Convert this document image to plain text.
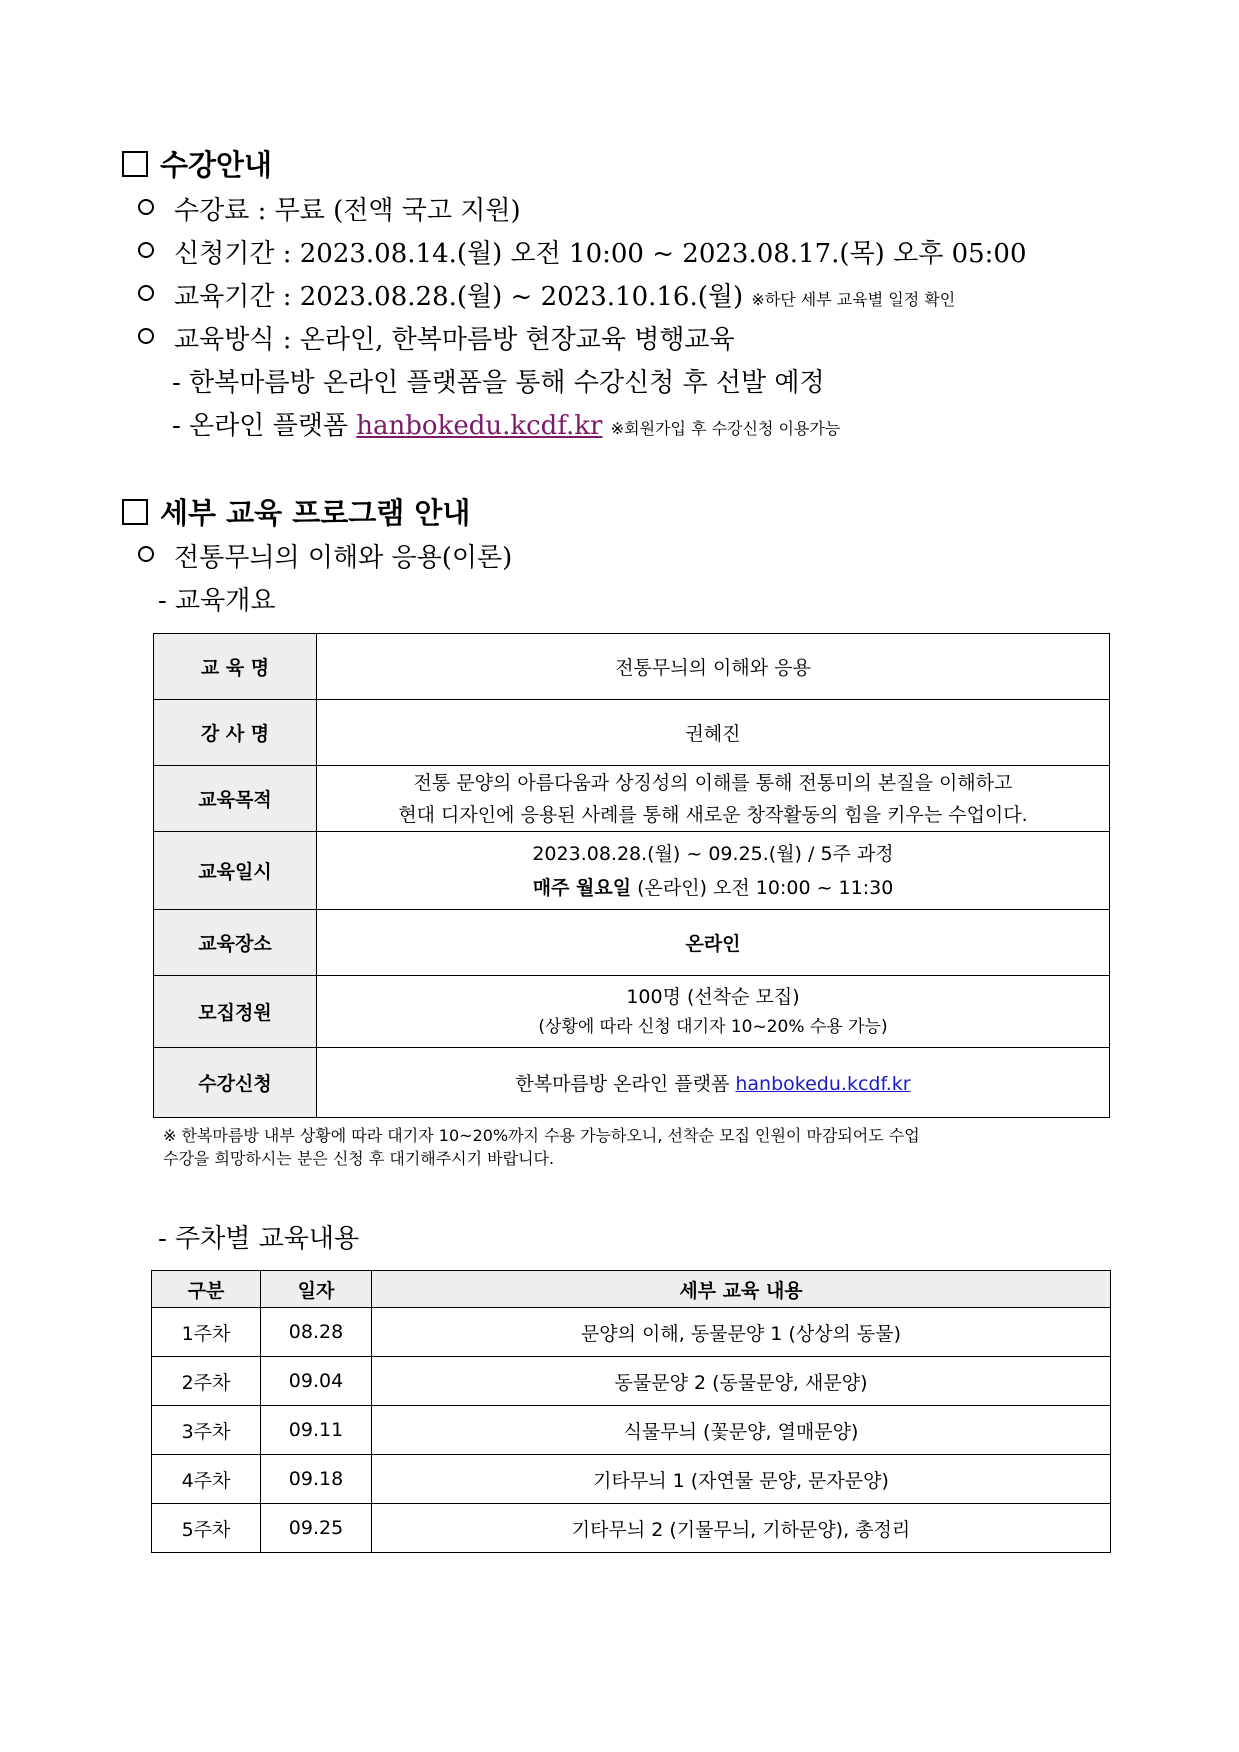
수강안내
수강료 : 무료 (전액 국고 지원)
신청기간 : 2023.08.14.(월) 오전 10:00 ~ 2023.08.17.(목) 오후 05:00
교육기간 : 2023.08.28.(월) ~ 2023.10.16.(월) ※하단 세부 교육별 일정 확인
교육방식 : 온라인, 한복마름방 현장교육 병행교육
- 한복마름방 온라인 플랫폼을 통해 수강신청 후 선발 예정
- 온라인 플랫폼 hanbokedu.kcdf.kr ※회원가입 후 수강신청 이용가능
세부 교육 프로그램 안내
전통무늬의 이해와 응용(이론)
- 교육개요
교 육 명	전통무늬의 이해와 응용
강 사 명	권혜진
교육목적	전통 문양의 아름다움과 상징성의 이해를 통해 전통미의 본질을 이해하고
현대 디자인에 응용된 사례를 통해 새로운 창작활동의 힘을 키우는 수업이다.

교육일시	2023.08.28.(월) ~ 09.25.(월) / 5주 과정
매주 월요일 (온라인) 오전 10:00 ~ 11:30

교육장소	온라인
모집정원	100명 (선착순 모집)
(상황에 따라 신청 대기자 10~20% 수용 가능)

수강신청	한복마름방 온라인 플랫폼 hanbokedu.kcdf.kr
※ 한복마름방 내부 상황에 따라 대기자 10~20%까지 수용 가능하오니, 선착순 모집 인원이 마감되어도 수업
수강을 희망하시는 분은 신청 후 대기해주시기 바랍니다.
- 주차별 교육내용
구분	일자	세부 교육 내용
1주차	08.28	문양의 이해, 동물문양 1 (상상의 동물)
2주차	09.04	동물문양 2 (동물문양, 새문양)
3주차	09.11	식물무늬 (꽃문양, 열매문양)
4주차	09.18	기타무늬 1 (자연물 문양, 문자문양)
5주차	09.25	기타무늬 2 (기물무늬, 기하문양), 총정리
